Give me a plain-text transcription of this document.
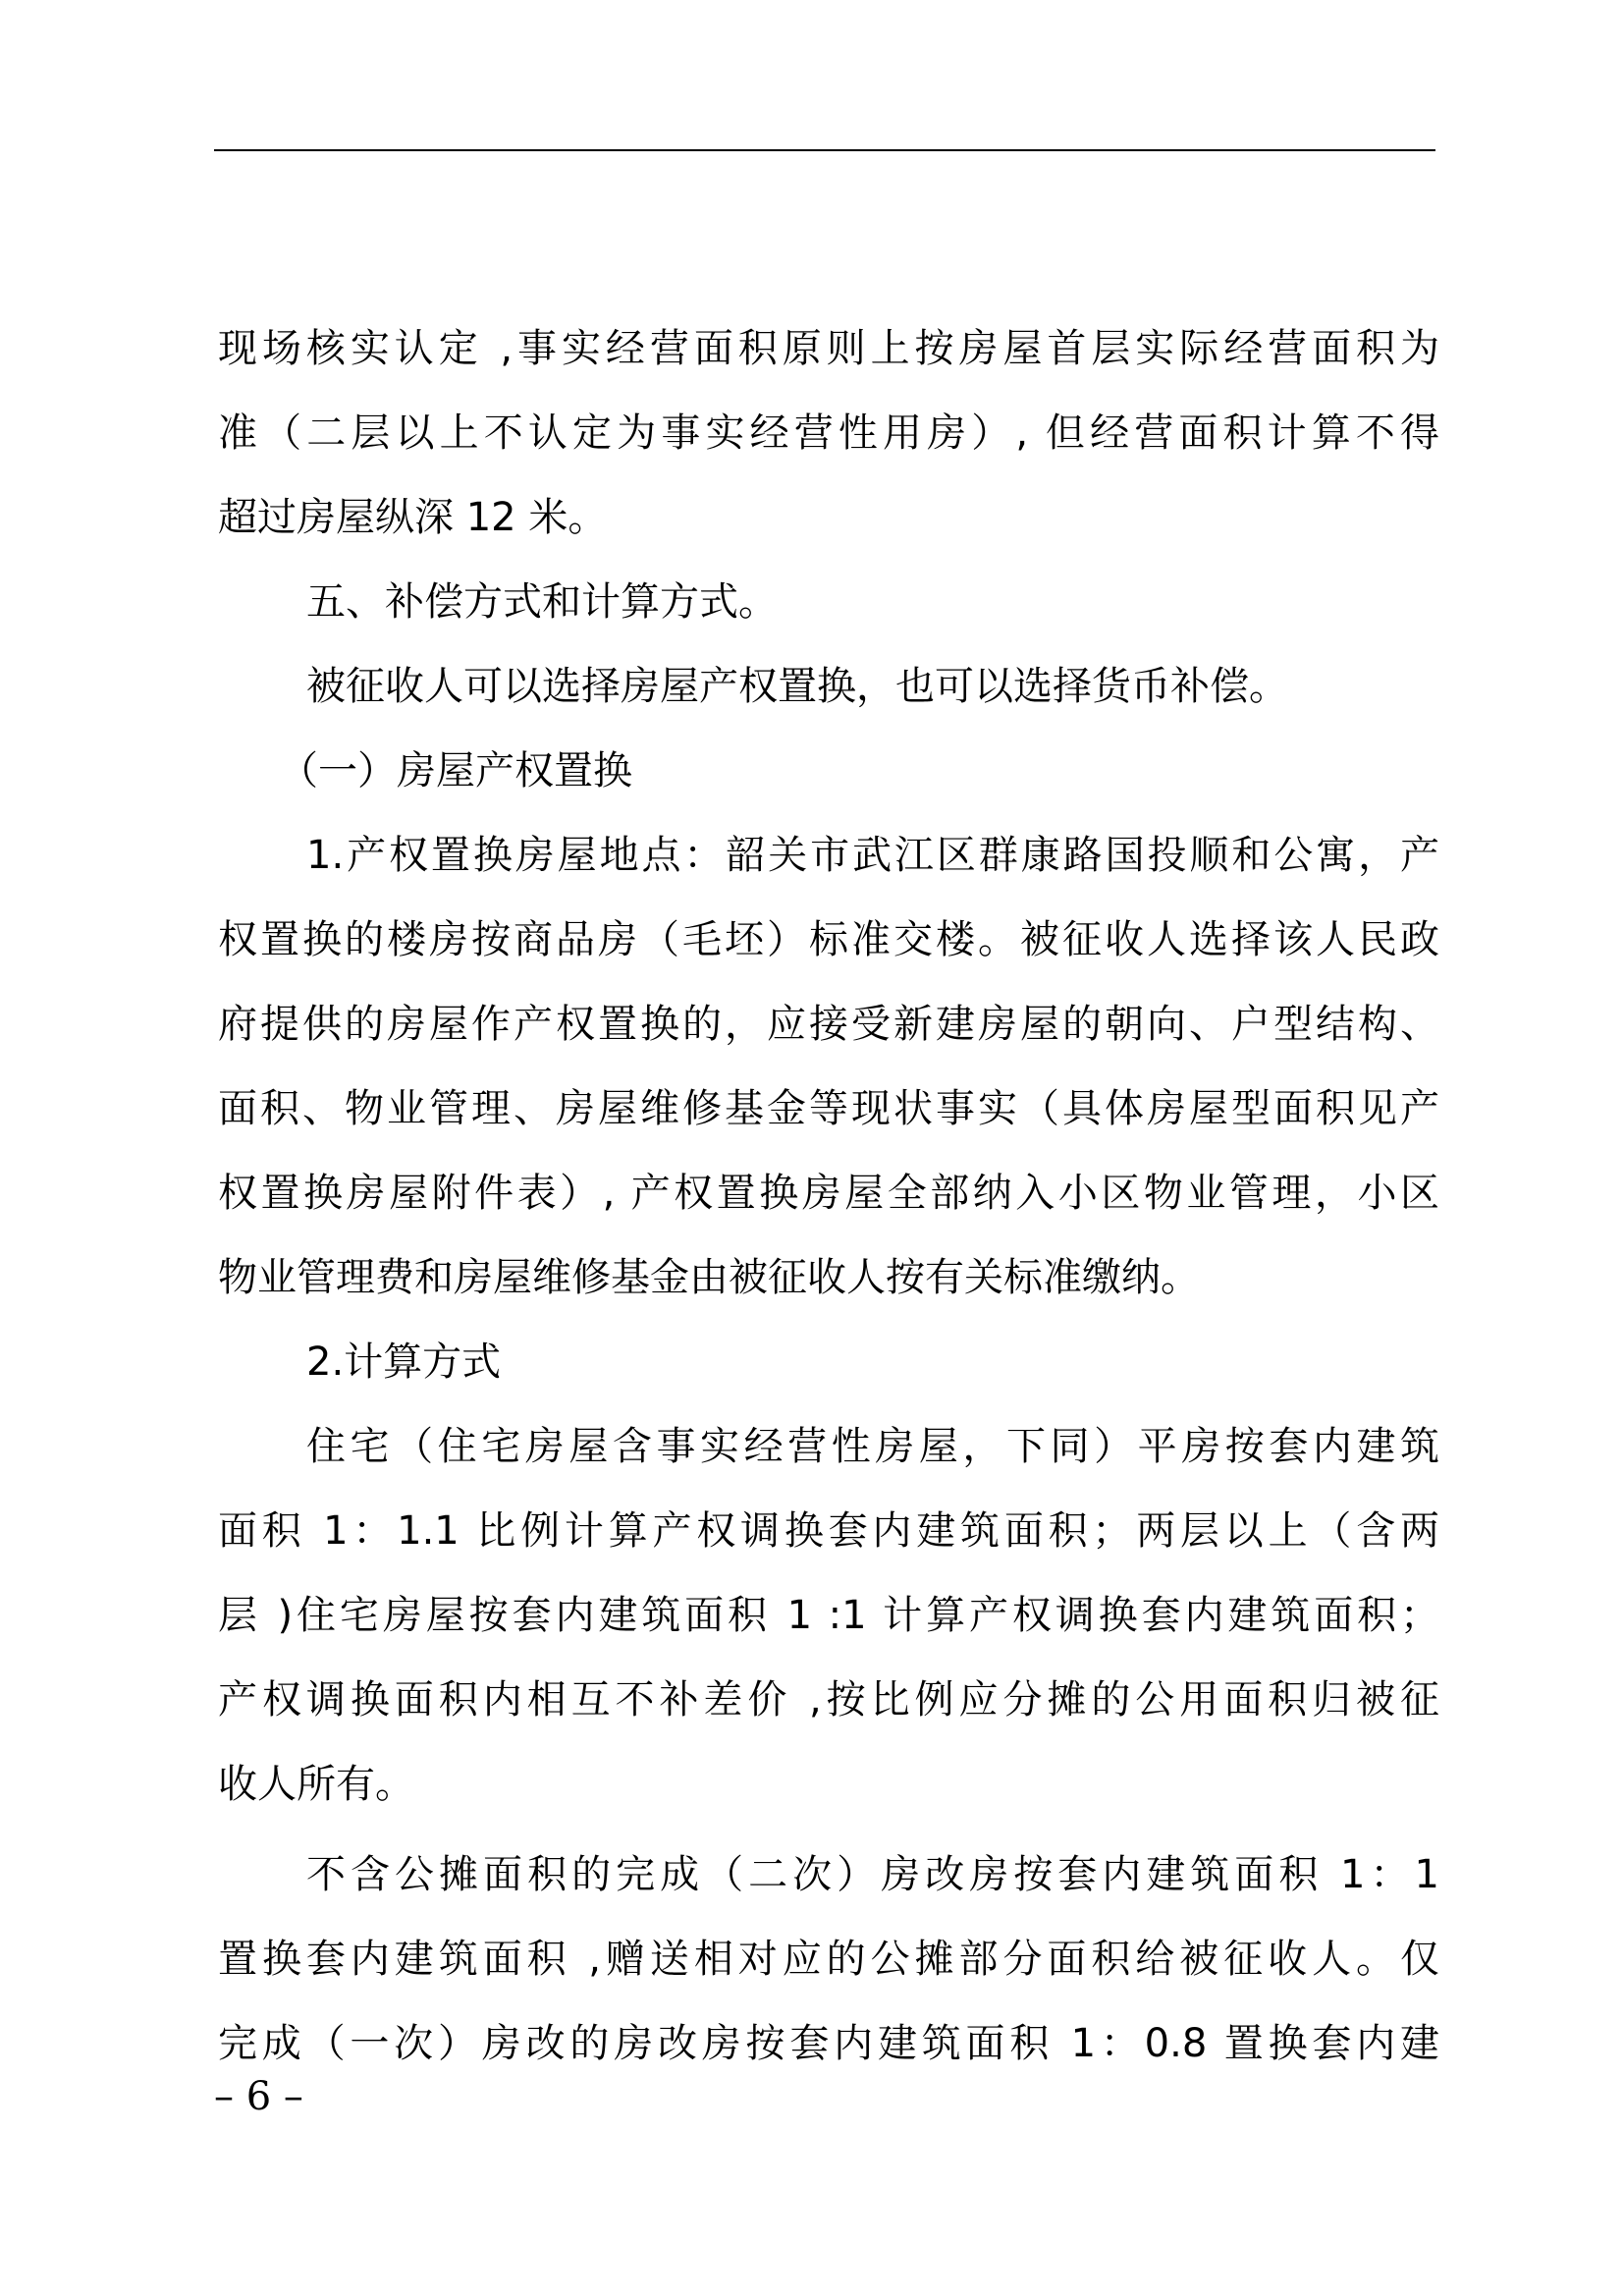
现场核实认定 ,事实经营面积原则上按房屋首层实际经营面积为
准（二层以上不认定为事实经营性用房）, 但经营面积计算不得
超过房屋纵深 12 米。
五、补偿方式和计算方式。
被征收人可以选择房屋产权置换，也可以选择货币补偿。
（一）房屋产权置换
1.产权置换房屋地点：韶关市武江区群康路国投顺和公寓，产
权置换的楼房按商品房（毛坯）标准交楼。被征收人选择该人民政
府提供的房屋作产权置换的，应接受新建房屋的朝向、户型结构、
面积、物业管理、房屋维修基金等现状事实（具体房屋型面积见产
权置换房屋附件表）, 产权置换房屋全部纳入小区物业管理，小区
物业管理费和房屋维修基金由被征收人按有关标准缴纳。
2.计算方式
住宅（住宅房屋含事实经营性房屋，下同）平房按套内建筑
面积 1：1.1 比例计算产权调换套内建筑面积；两层以上（含两
层 )住宅房屋按套内建筑面积 1 :1 计算产权调换套内建筑面积；
产权调换面积内相互不补差价 ,按比例应分摊的公用面积归被征
收人所有。
不含公摊面积的完成（二次）房改房按套内建筑面积 1：1
置换套内建筑面积 ,赠送相对应的公摊部分面积给被征收人。仅
完成（一次）房改的房改房按套内建筑面积 1：0.8 置换套内建
– 6 –
